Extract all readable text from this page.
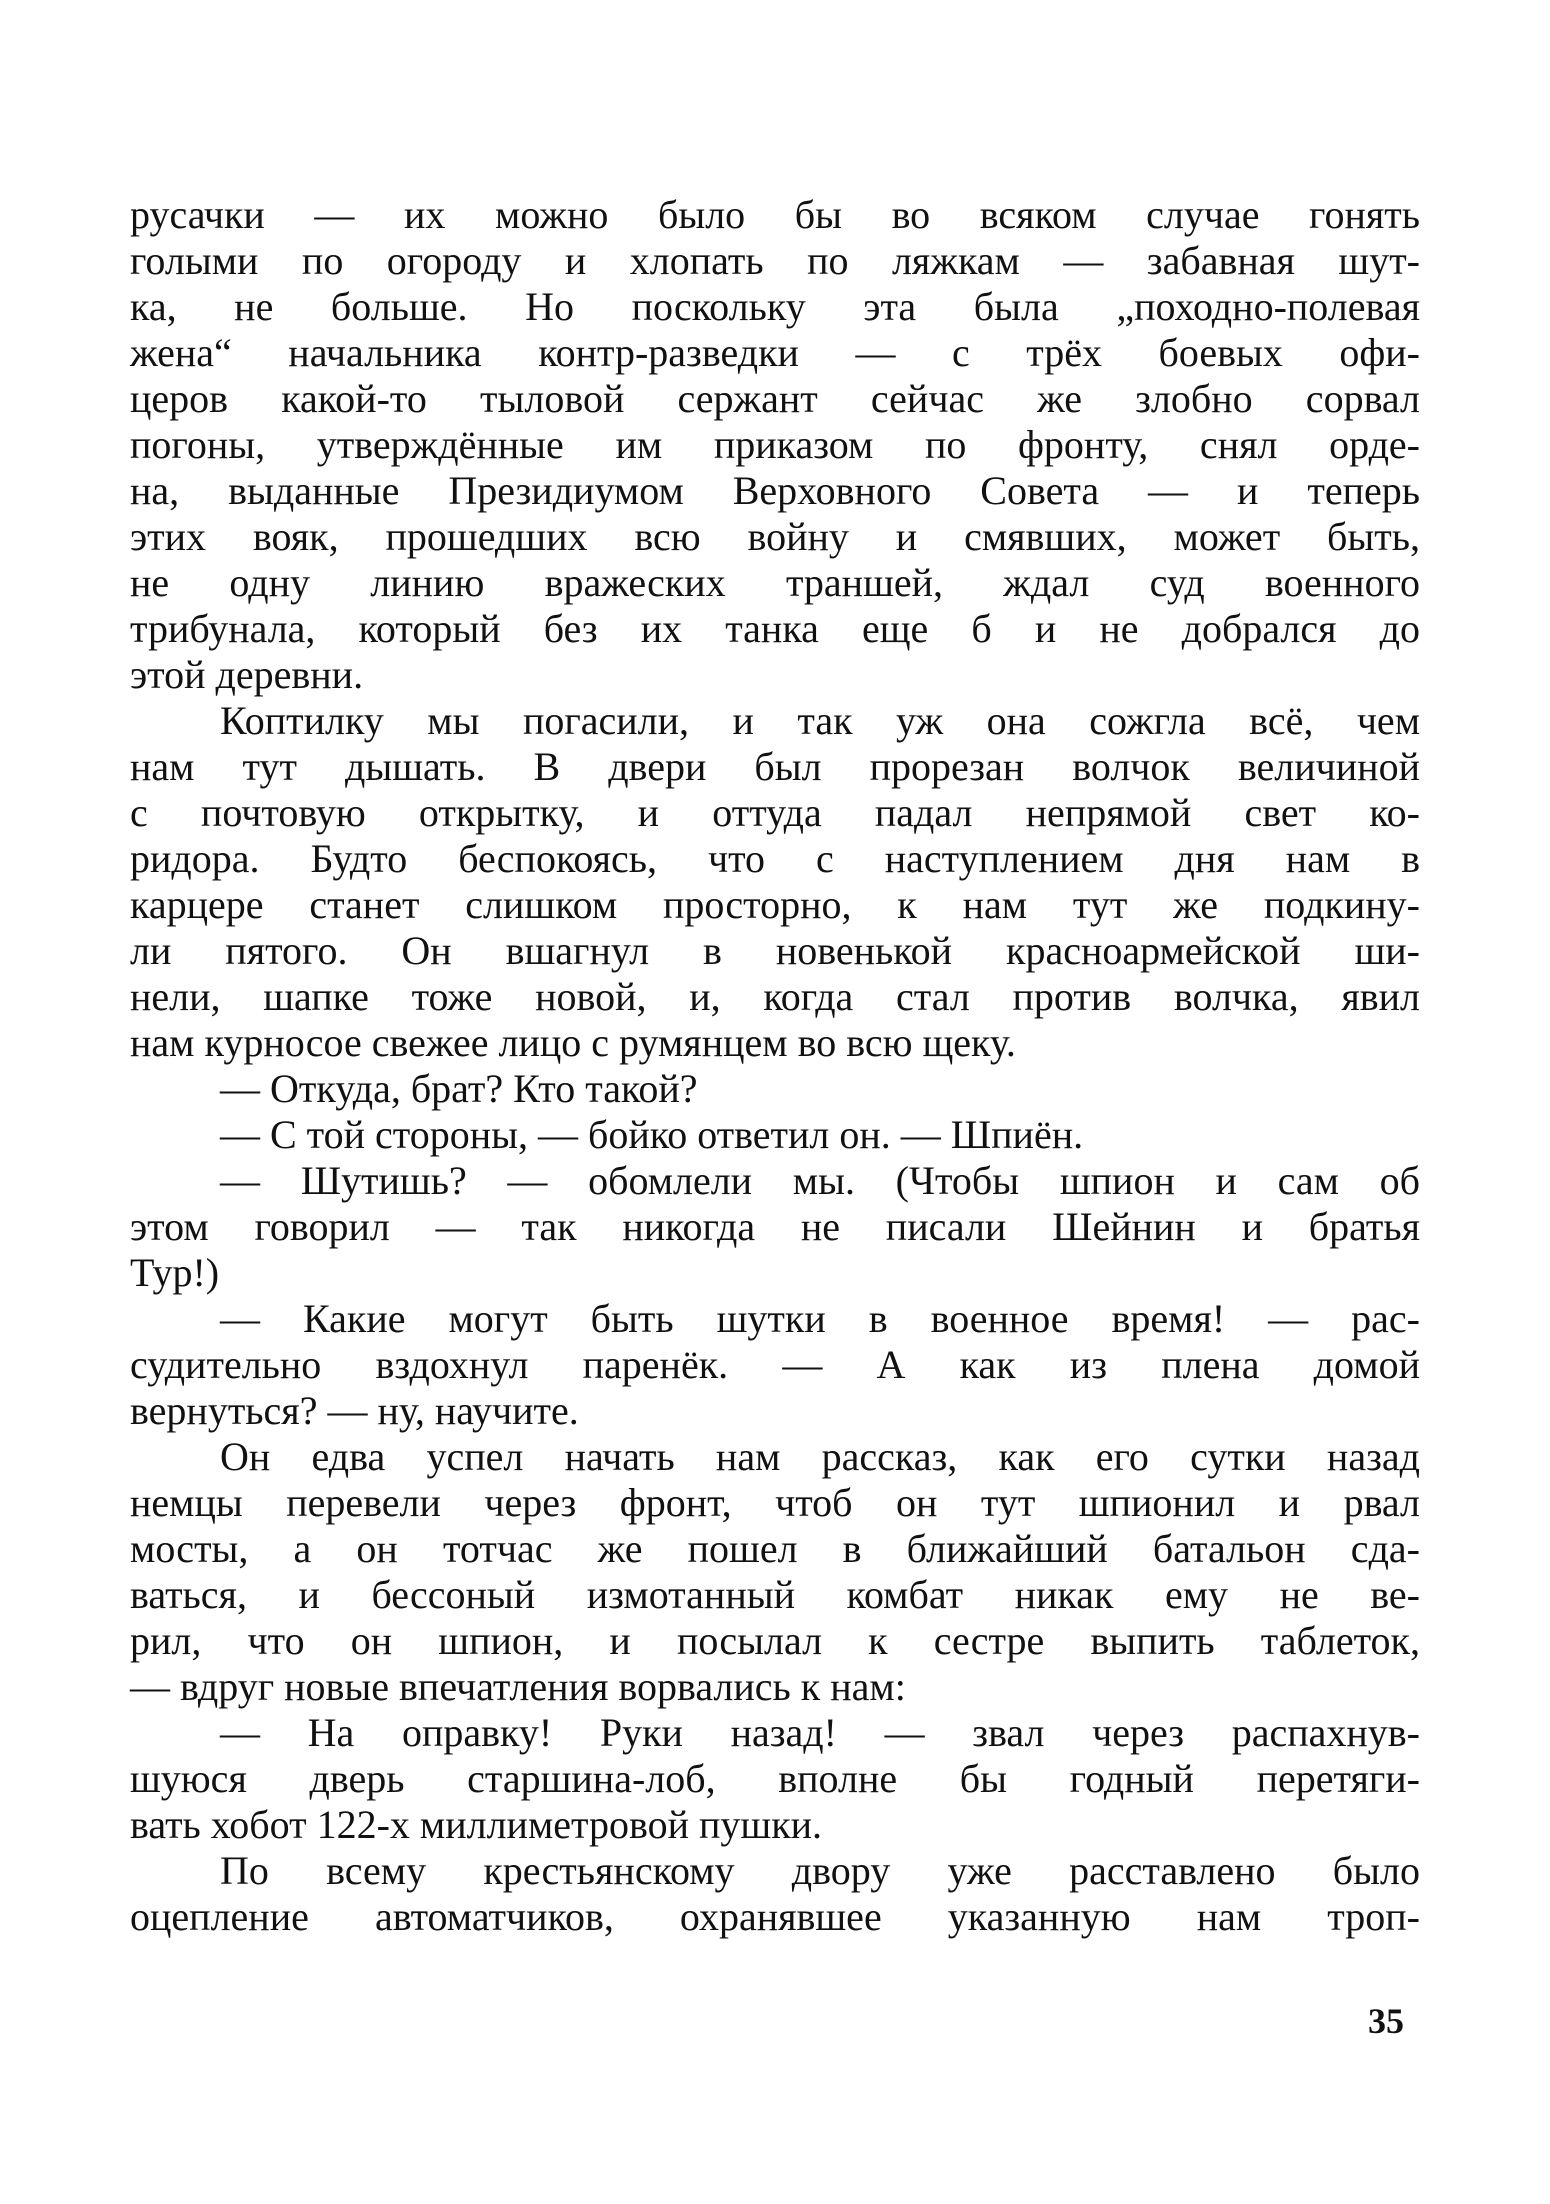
русачки — их можно было бы во всяком случае гонять
голыми по огороду и хлопать по ляжкам — забавная шут-
ка, не больше. Но поскольку эта была „походно-полевая
жена“ начальника контр-разведки — с трёх боевых офи-
церов какой-то тыловой сержант сейчас же злобно сорвал
погоны, утверждённые им приказом по фронту, снял орде-
на, выданные Президиумом Верховного Совета — и теперь
этих вояк, прошедших всю войну и смявших, может быть,
не одну линию вражеских траншей, ждал суд военного
трибунала, который без их танка еще б и не добрался до
этой деревни.
Коптилку мы погасили, и так уж она сожгла всё, чем
нам тут дышать. В двери был прорезан волчок величиной
с почтовую открытку, и оттуда падал непрямой свет ко-
ридора. Будто беспокоясь, что с наступлением дня нам в
карцере станет слишком просторно, к нам тут же подкину-
ли пятого. Он вшагнул в новенькой красноармейской ши-
нели, шапке тоже новой, и, когда стал против волчка, явил
нам курносое свежее лицо с румянцем во всю щеку.
— Откуда, брат? Кто такой?
— С той стороны, — бойко ответил он. — Шпиён.
— Шутишь? — обомлели мы. (Чтобы шпион и сам об
этом говорил — так никогда не писали Шейнин и братья
Тур!)
— Какие могут быть шутки в военное время! — рас-
судительно вздохнул паренёк. — А как из плена домой
вернуться? — ну, научите.
Он едва успел начать нам рассказ, как его сутки назад
немцы перевели через фронт, чтоб он тут шпионил и рвал
мосты, а он тотчас же пошел в ближайший батальон сда-
ваться, и бессоный измотанный комбат никак ему не ве-
рил, что он шпион, и посылал к сестре выпить таблеток,
— вдруг новые впечатления ворвались к нам:
— На оправку! Руки назад! — звал через распахнув-
шуюся дверь старшина-лоб, вполне бы годный перетяги-
вать хобот 122-х миллиметровой пушки.
По всему крестьянскому двору уже расставлено было
оцепление автоматчиков, охранявшее указанную нам троп-
35
